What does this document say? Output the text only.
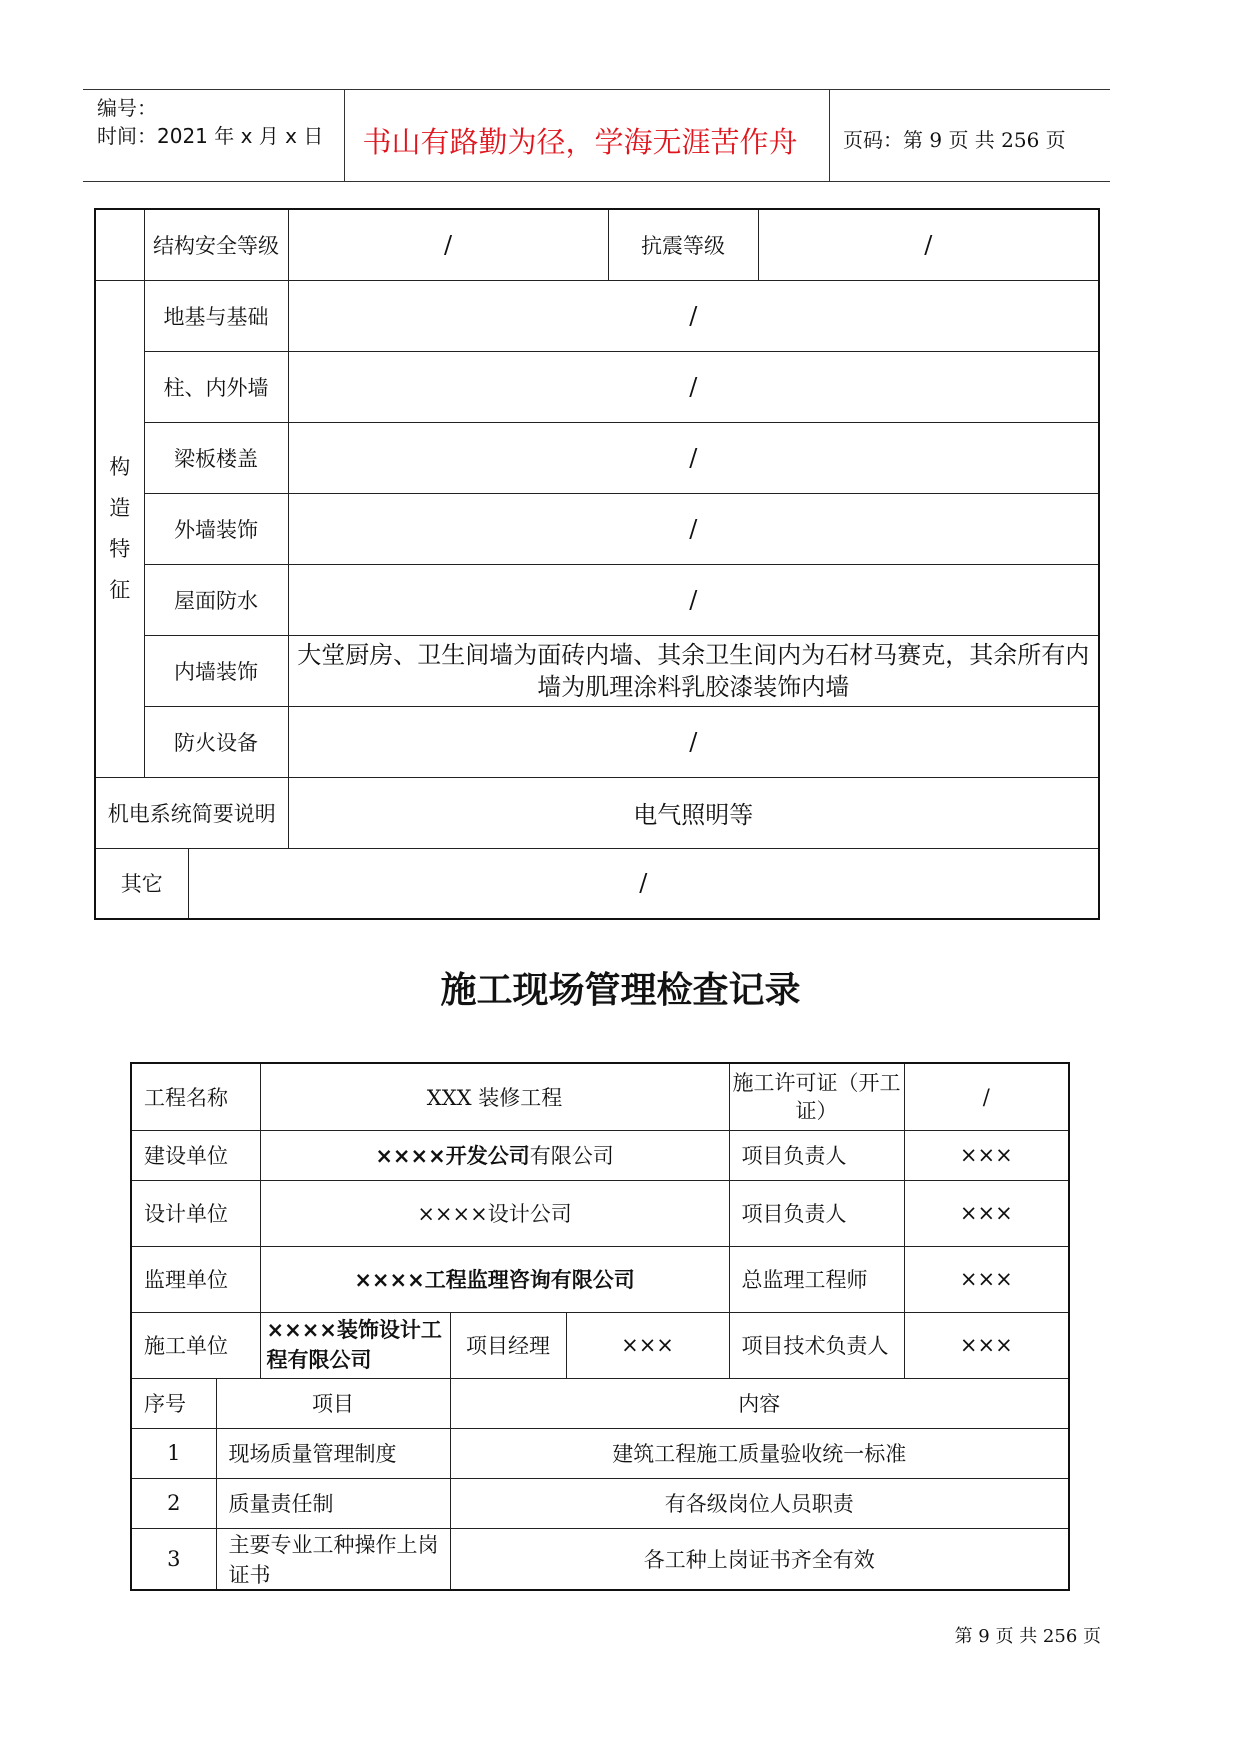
编号：
时间：2021 年 x 月 x 日	书山有路勤为径，学海无涯苦作舟	页码：第 9 页 共 256 页
	结构安全等级		/	抗震等级	/

构
造
特
征	地基与基础		/		
	柱、内外墙		/		
	梁板楼盖		/		
	外墙装饰		/		
	屋面防水		/		
	内墙装饰		大堂厨房、卫生间墙为面砖内墙、其余卫生间内为石材马赛克，其余所有内墙为肌理涂料乳胶漆装饰内墙		
	防火设备		/		
机电系统简要说明			电气照明等		
其它		/			
施工现场管理检查记录
工程名称		XXX 装修工程			施工许可证（开工证）	/
建设单位		××××开发公司有限公司			项目负责人	×××
设计单位		××××设计公司			项目负责人	×××
监理单位		××××工程监理咨询有限公司			总监理工程师	×××
施工单位		××××装饰设计工程有限公司	项目经理	×××	项目技术负责人	×××
序号	项目		内容			
1	现场质量管理制度		建筑工程施工质量验收统一标准			
2	质量责任制		有各级岗位人员职责			
3	主要专业工种操作上岗证书		各工种上岗证书齐全有效			
第 9 页 共 256 页
